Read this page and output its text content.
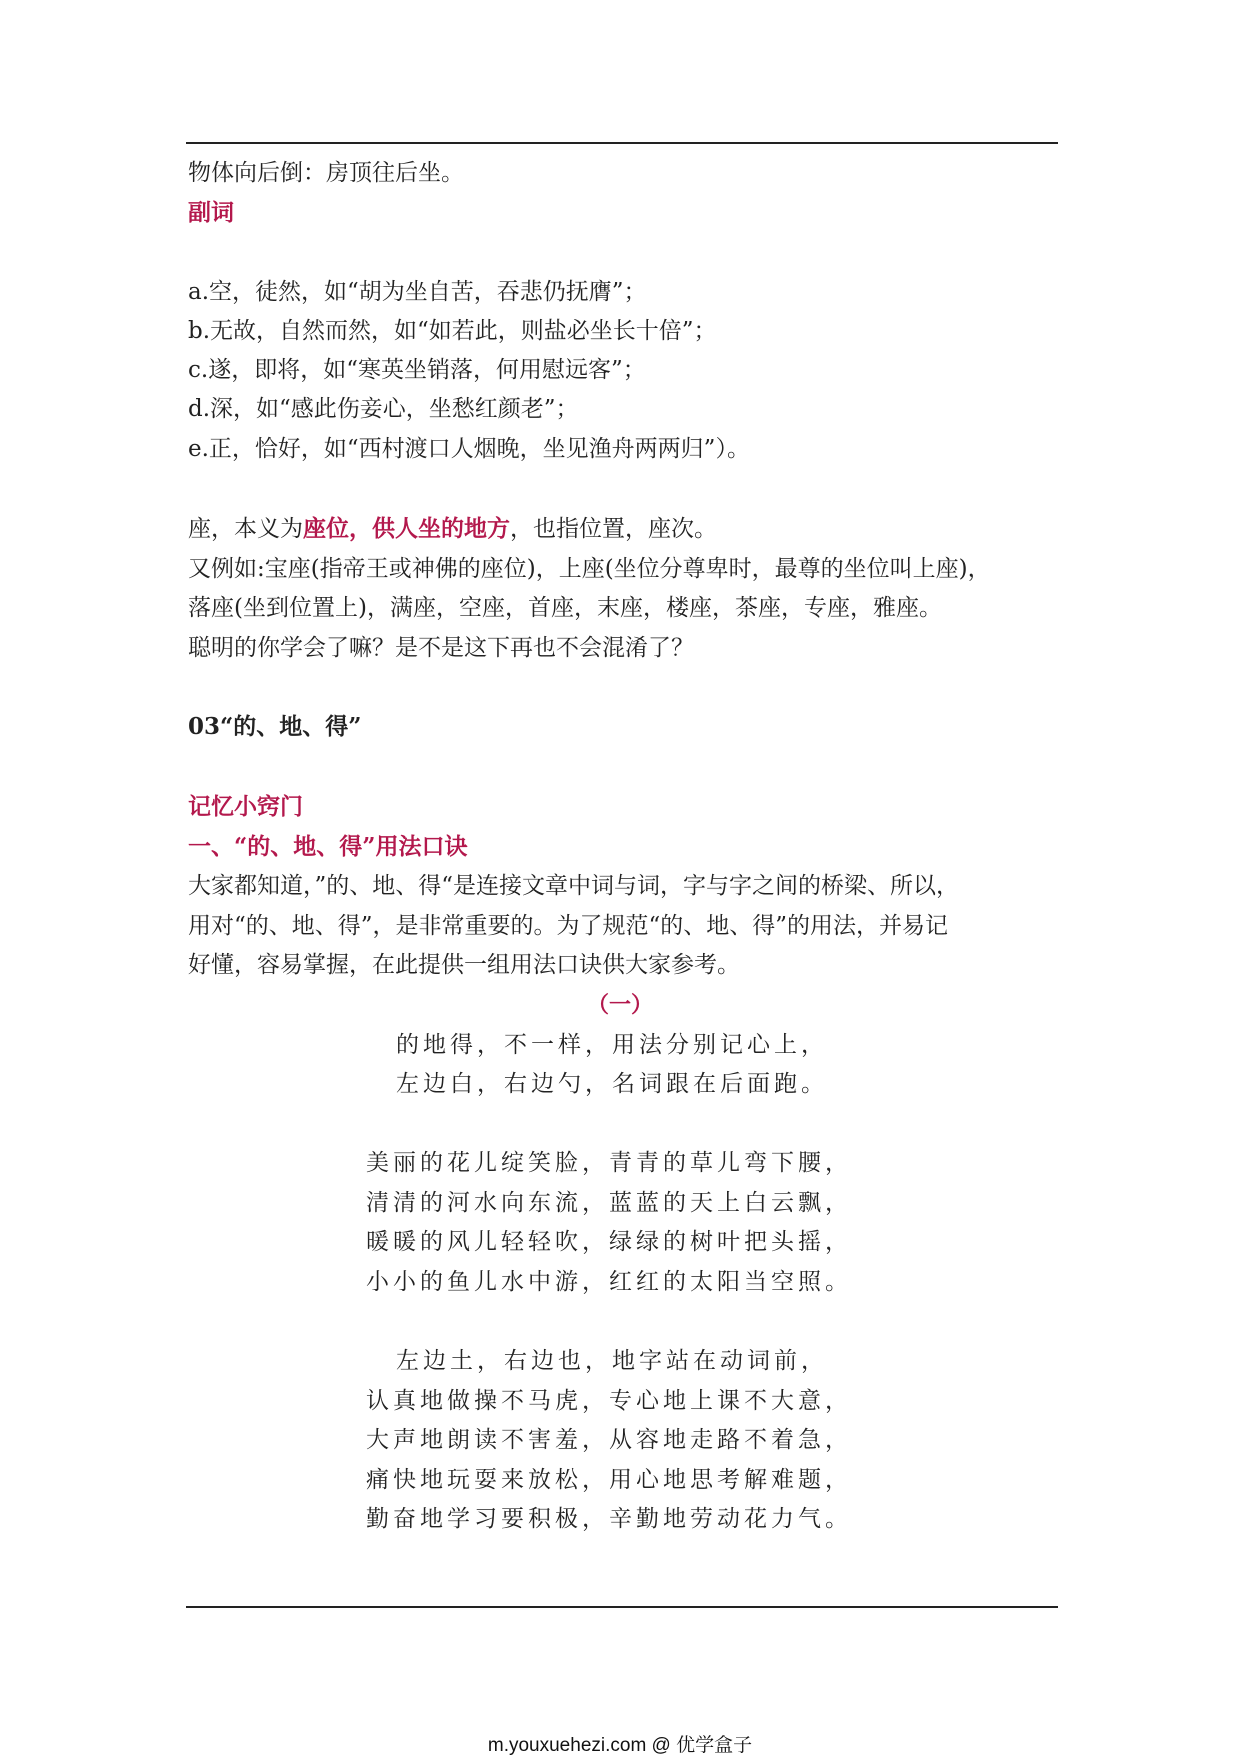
物体向后倒：房顶往后坐。
副词
a.空，徒然，如“胡为坐自苦，吞悲仍抚膺”；
b.无故，自然而然，如“如若此，则盐必坐长十倍”；
c.遂，即将，如“寒英坐销落，何用慰远客”；
d.深，如“感此伤妾心，坐愁红颜老”；
e.正，恰好，如“西村渡口人烟晚，坐见渔舟两两归”）。
座，本义为座位，供人坐的地方，也指位置，座次。
又例如:宝座(指帝王或神佛的座位)，上座(坐位分尊卑时，最尊的坐位叫上座)，
落座(坐到位置上)，满座，空座，首座，末座，楼座，茶座，专座，雅座。
聪明的你学会了嘛？是不是这下再也不会混淆了？
03“的、地、得”
记忆小窍门
一、“的、地、得”用法口诀
大家都知道，”的、地、得“是连接文章中词与词，字与字之间的桥梁、所以，
用对“的、地、得”，是非常重要的。为了规范“的、地、得”的用法，并易记
好懂，容易掌握，在此提供一组用法口诀供大家参考。
（一）
的地得，不一样，用法分别记心上，
左边白，右边勺，名词跟在后面跑。
美丽的花儿绽笑脸，青青的草儿弯下腰，
清清的河水向东流，蓝蓝的天上白云飘，
暖暖的风儿轻轻吹，绿绿的树叶把头摇，
小小的鱼儿水中游，红红的太阳当空照。
左边土，右边也，地字站在动词前，
认真地做操不马虎，专心地上课不大意，
大声地朗读不害羞，从容地走路不着急，
痛快地玩耍来放松，用心地思考解难题，
勤奋地学习要积极，辛勤地劳动花力气。
m.youxuehezi.com @ 优学盒子
